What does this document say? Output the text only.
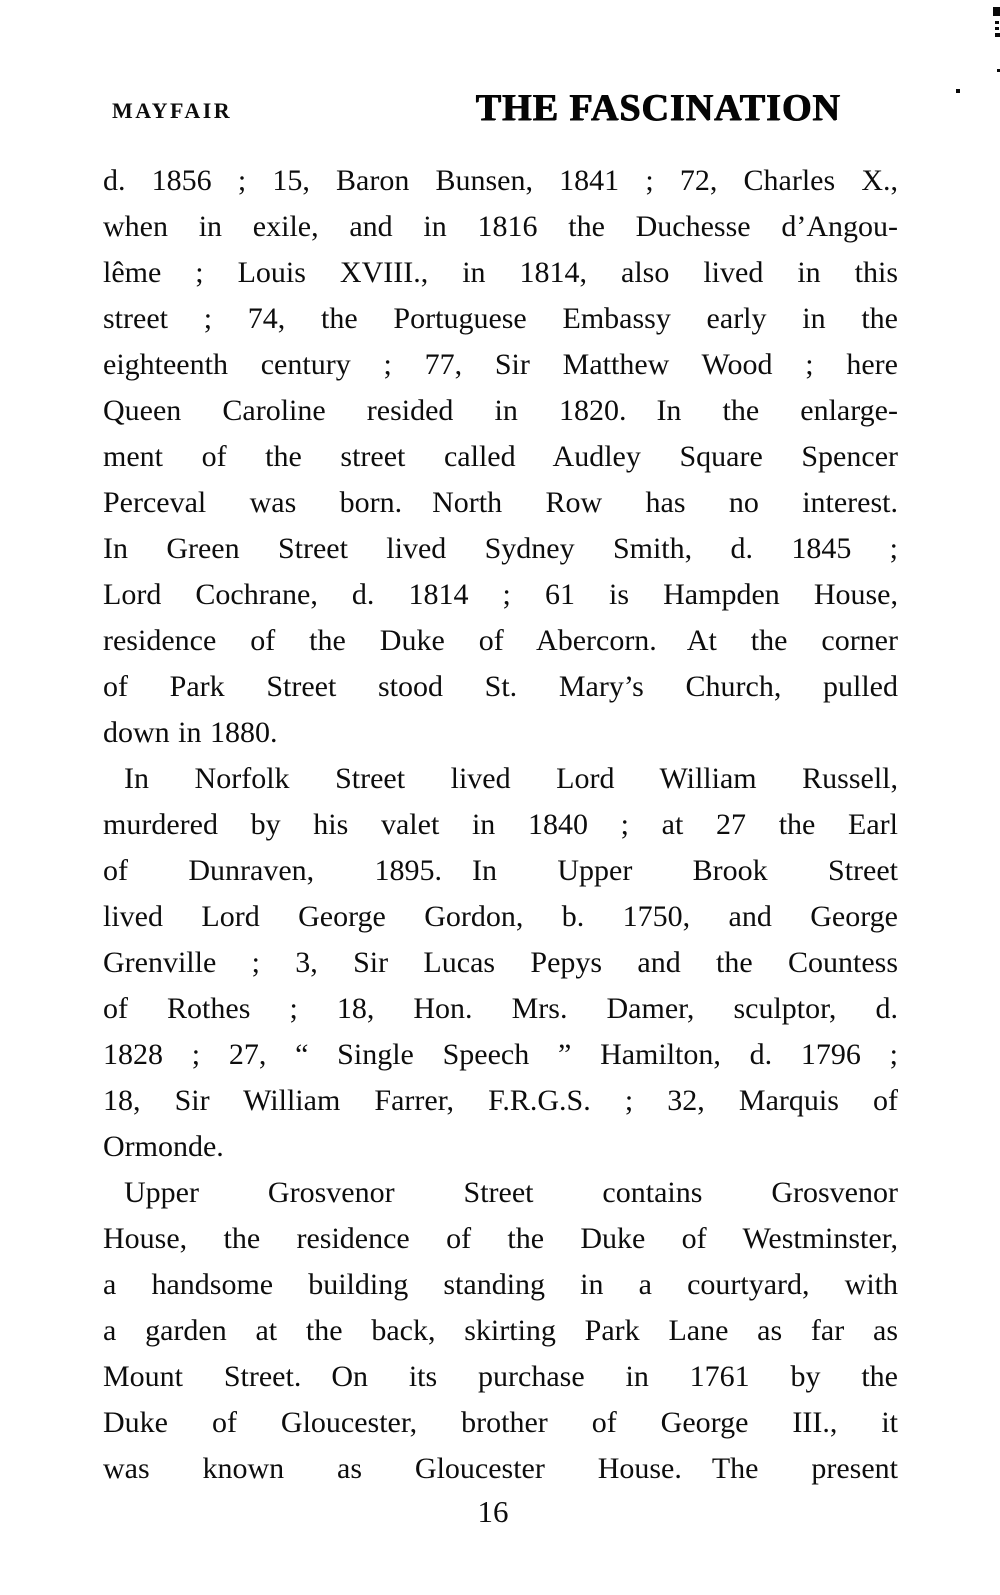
MAYFAIR	THE FASCINATION
d. 1856 ; 15, Baron Bunsen, 1841 ; 72, Charles X.,
when in exile, and in 1816 the Duchesse d’Angou-
lême ; Louis XVIII., in 1814, also lived in this
street ; 74, the Portuguese Embassy early in the
eighteenth century ; 77, Sir Matthew Wood ; here
Queen Caroline resided in 1820. In the enlarge-
ment of the street called Audley Square Spencer
Perceval was born. North Row has no interest.
In Green Street lived Sydney Smith, d. 1845 ;
Lord Cochrane, d. 1814 ; 61 is Hampden House,
residence of the Duke of Abercorn. At the corner
of Park Street stood St. Mary’s Church, pulled
down in 1880.
In Norfolk Street lived Lord William Russell,
murdered by his valet in 1840 ; at 27 the Earl
of Dunraven, 1895. In Upper Brook Street
lived Lord George Gordon, b. 1750, and George
Grenville ; 3, Sir Lucas Pepys and the Countess
of Rothes ; 18, Hon. Mrs. Damer, sculptor, d.
1828 ; 27, “ Single Speech ” Hamilton, d. 1796 ;
18, Sir William Farrer, F.R.G.S. ; 32, Marquis of
Ormonde.
Upper Grosvenor Street contains Grosvenor
House, the residence of the Duke of Westminster,
a handsome building standing in a courtyard, with
a garden at the back, skirting Park Lane as far as
Mount Street. On its purchase in 1761 by the
Duke of Gloucester, brother of George III., it
was known as Gloucester House. The present
16
